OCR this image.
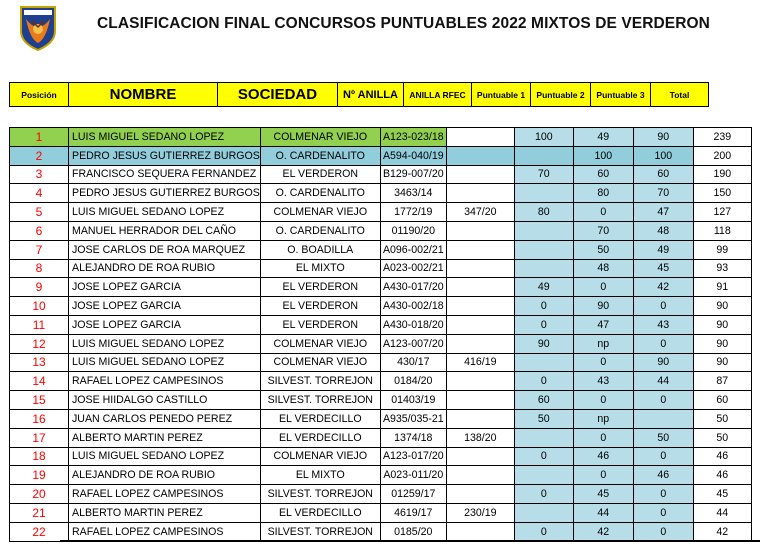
CLASIFICACION FINAL CONCURSOS PUNTUABLES 2022 MIXTOS DE VERDERON
Posición	NOMBRE	SOCIEDAD	Nº ANILLA	ANILLA RFEC	Puntuable 1	Puntuable 2	Puntuable 3	Total
1	LUIS MIGUEL SEDANO LOPEZ	COLMENAR VIEJO	A123-023/18		100	49	90	239
2	PEDRO JESUS GUTIERREZ BURGOS	O. CARDENALITO	A594-040/19			100	100	200
3	FRANCISCO SEQUERA FERNANDEZ	EL VERDERON	B129-007/20		70	60	60	190
4	PEDRO JESUS GUTIERREZ BURGOS	O. CARDENALITO	3463/14			80	70	150
5	LUIS MIGUEL SEDANO LOPEZ	COLMENAR VIEJO	1772/19	347/20	80	0	47	127
6	MANUEL HERRADOR DEL CAÑO	O. CARDENALITO	01190/20			70	48	118
7	JOSE CARLOS DE ROA MARQUEZ	O. BOADILLA	A096-002/21			50	49	99
8	ALEJANDRO DE ROA RUBIO	EL MIXTO	A023-002/21			48	45	93
9	JOSE LOPEZ GARCIA	EL VERDERON	A430-017/20		49	0	42	91
10	JOSE LOPEZ GARCIA	EL VERDERON	A430-002/18		0	90	0	90
11	JOSE LOPEZ GARCIA	EL VERDERON	A430-018/20		0	47	43	90
12	LUIS MIGUEL SEDANO LOPEZ	COLMENAR VIEJO	A123-007/20		90	np	0	90
13	LUIS MIGUEL SEDANO LOPEZ	COLMENAR VIEJO	430/17	416/19		0	90	90
14	RAFAEL LOPEZ CAMPESINOS	SILVEST. TORREJON	0184/20		0	43	44	87
15	JOSE HIIDALGO CASTILLO	SILVEST. TORREJON	01403/19		60	0	0	60
16	JUAN CARLOS PENEDO PEREZ	EL VERDECILLO	A935/035-21		50	np		50
17	ALBERTO MARTIN PEREZ	EL VERDECILLO	1374/18	138/20		0	50	50
18	LUIS MIGUEL SEDANO LOPEZ	COLMENAR VIEJO	A123-017/20		0	46	0	46
19	ALEJANDRO DE ROA RUBIO	EL MIXTO	A023-011/20			0	46	46
20	RAFAEL LOPEZ CAMPESINOS	SILVEST. TORREJON	01259/17		0	45	0	45
21	ALBERTO MARTIN PEREZ	EL VERDECILLO	4619/17	230/19		44	0	44
22	RAFAEL LOPEZ CAMPESINOS	SILVEST. TORREJON	0185/20		0	42	0	42
